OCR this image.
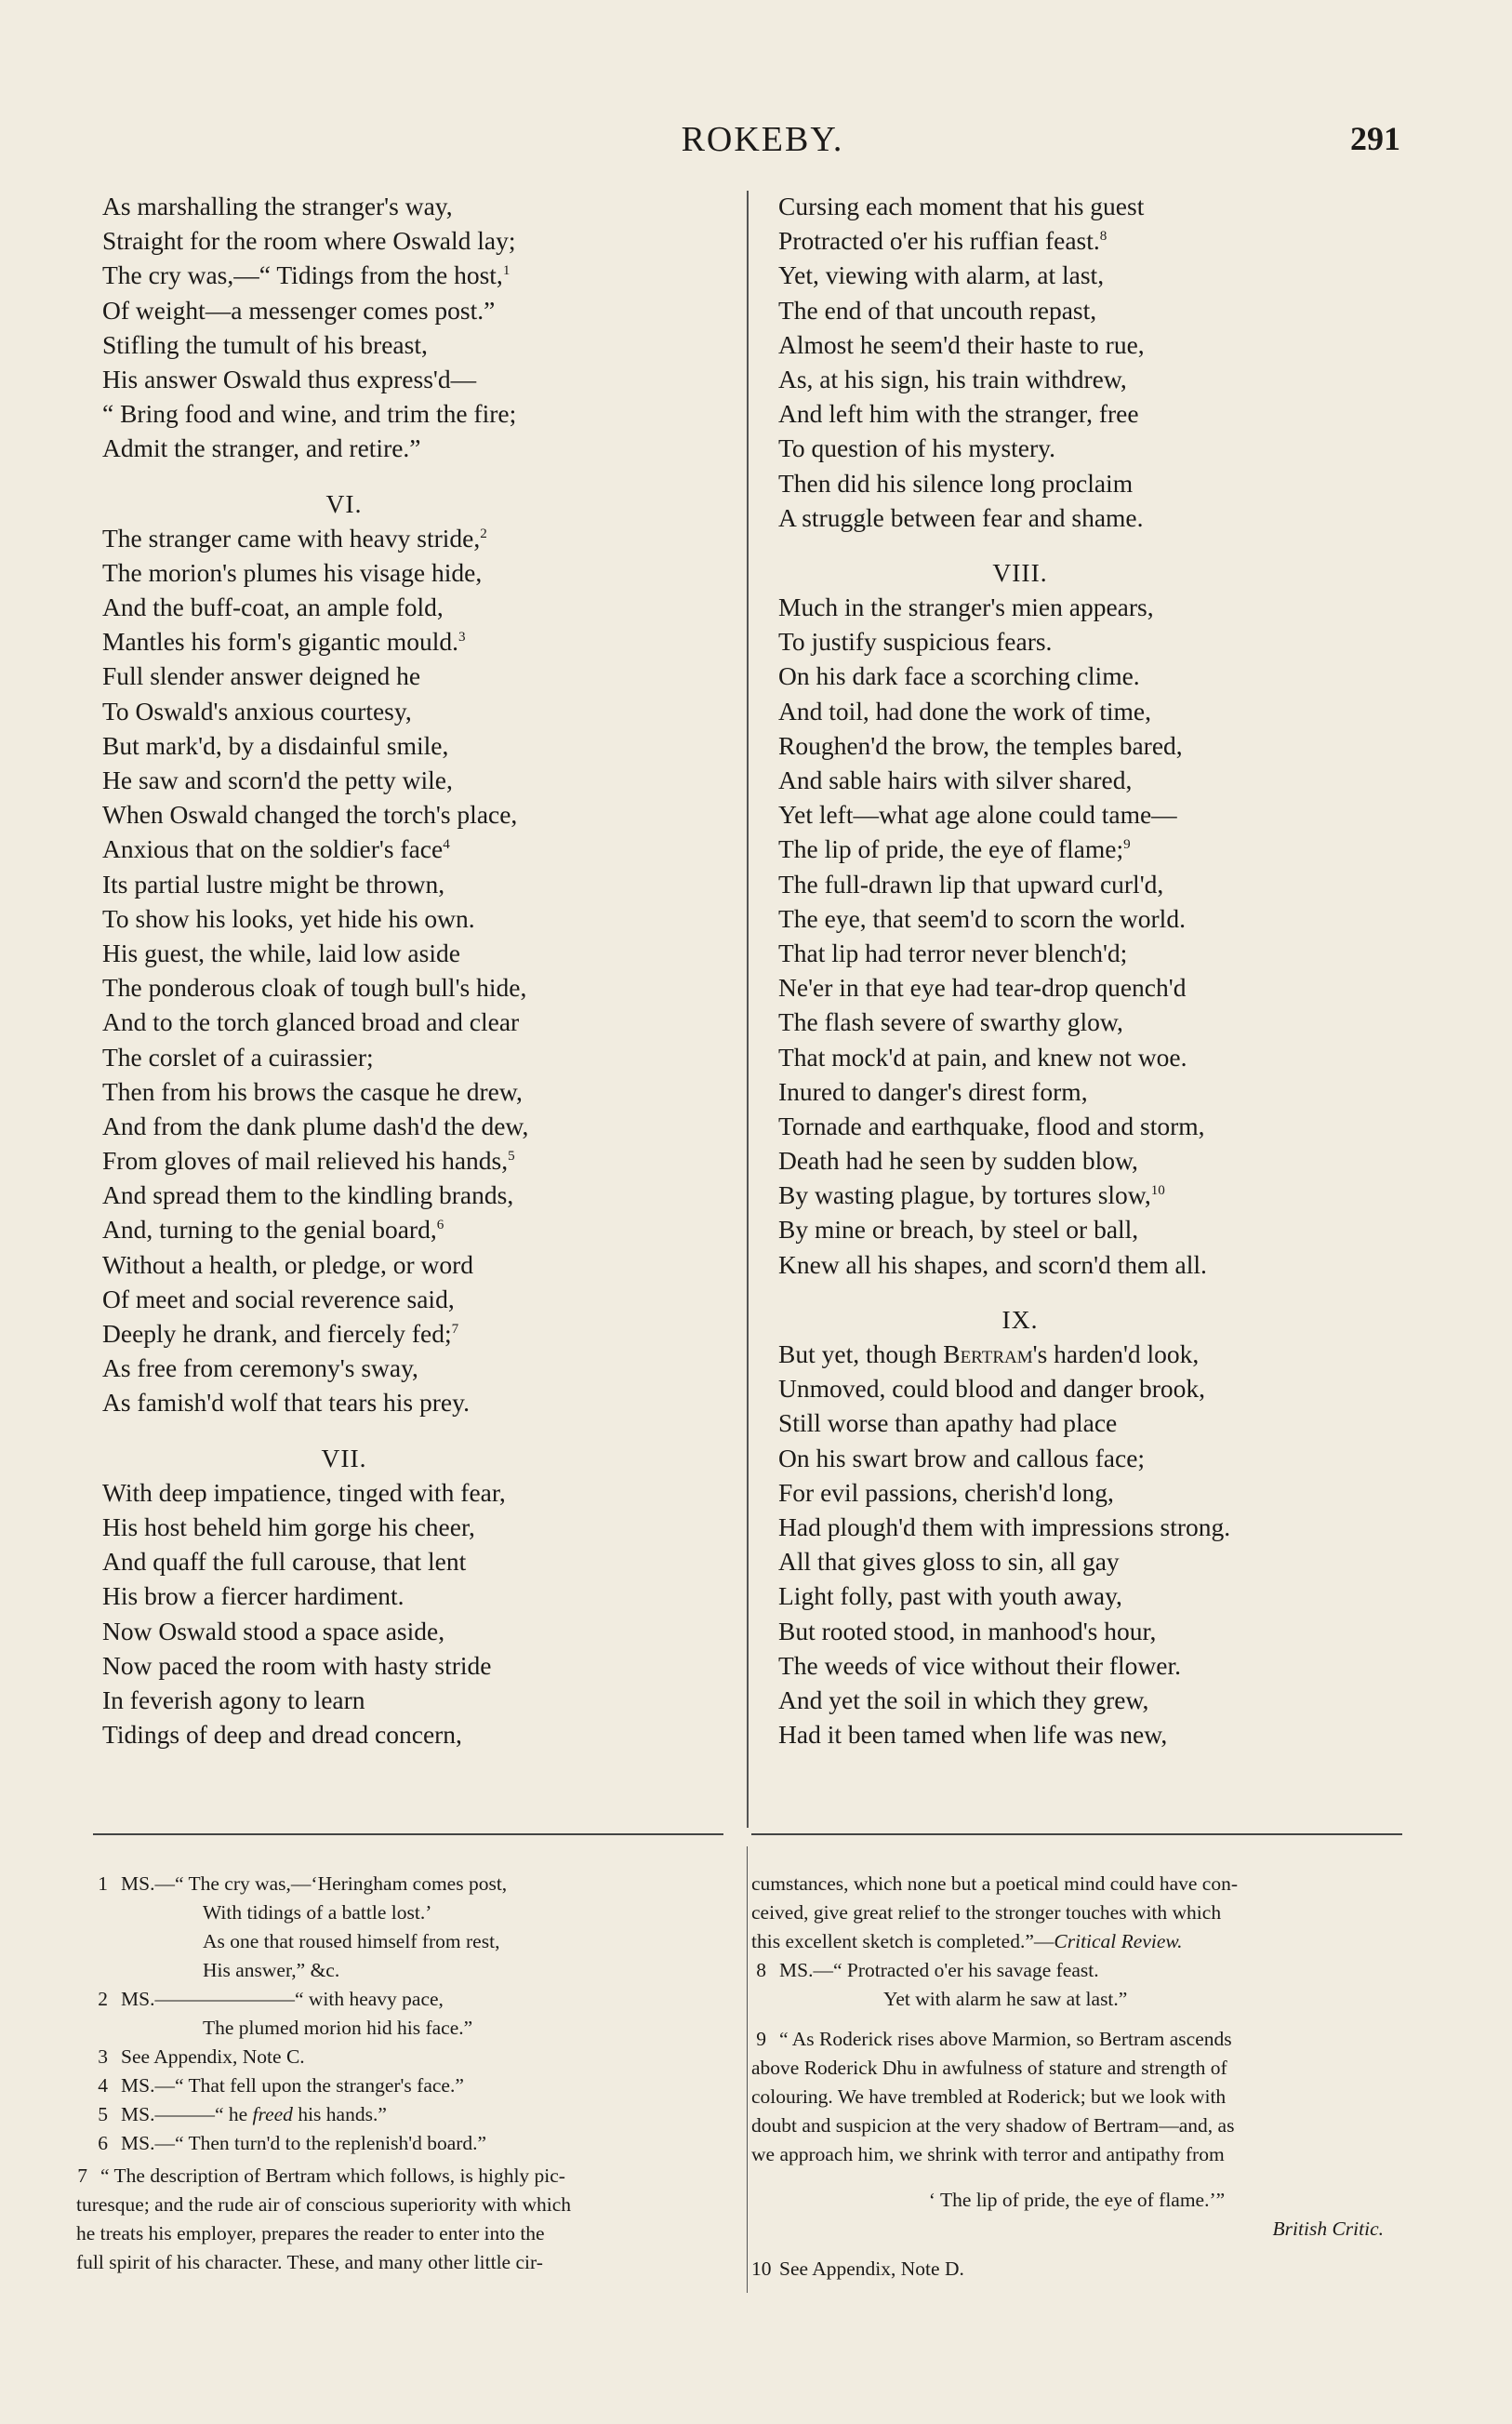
ROKEBY.	291
As marshalling the stranger's way,
Straight for the room where Oswald lay;
The cry was,—“ Tidings from the host,$^1$
Of weight—a messenger comes post.”
Stifling the tumult of his breast,
His answer Oswald thus express'd—
“ Bring food and wine, and trim the fire;
Admit the stranger, and retire.”
VI.
The stranger came with heavy stride,$^2$
The morion's plumes his visage hide,
And the buff-coat, an ample fold,
Mantles his form's gigantic mould.$^3$
Full slender answer deigned he
To Oswald's anxious courtesy,
But mark'd, by a disdainful smile,
He saw and scorn'd the petty wile,
When Oswald changed the torch's place,
Anxious that on the soldier's face$^4$
Its partial lustre might be thrown,
To show his looks, yet hide his own.
His guest, the while, laid low aside
The ponderous cloak of tough bull's hide,
And to the torch glanced broad and clear
The corslet of a cuirassier;
Then from his brows the casque he drew,
And from the dank plume dash'd the dew,
From gloves of mail relieved his hands,$^5$
And spread them to the kindling brands,
And, turning to the genial board,$^6$
Without a health, or pledge, or word
Of meet and social reverence said,
Deeply he drank, and fiercely fed;$^7$
As free from ceremony's sway,
As famish'd wolf that tears his prey.
VII.
With deep impatience, tinged with fear,
His host beheld him gorge his cheer,
And quaff the full carouse, that lent
His brow a fiercer hardiment.
Now Oswald stood a space aside,
Now paced the room with hasty stride
In feverish agony to learn
Tidings of deep and dread concern,
Cursing each moment that his guest
Protracted o'er his ruffian feast.$^8$
Yet, viewing with alarm, at last,
The end of that uncouth repast,
Almost he seem'd their haste to rue,
As, at his sign, his train withdrew,
And left him with the stranger, free
To question of his mystery.
Then did his silence long proclaim
A struggle between fear and shame.
VIII.
Much in the stranger's mien appears,
To justify suspicious fears.
On his dark face a scorching clime.
And toil, had done the work of time,
Roughen'd the brow, the temples bared,
And sable hairs with silver shared,
Yet left—what age alone could tame—
The lip of pride, the eye of flame;$^9$
The full-drawn lip that upward curl'd,
The eye, that seem'd to scorn the world.
That lip had terror never blench'd;
Ne'er in that eye had tear-drop quench'd
The flash severe of swarthy glow,
That mock'd at pain, and knew not woe.
Inured to danger's direst form,
Tornade and earthquake, flood and storm,
Death had he seen by sudden blow,
By wasting plague, by tortures slow,$^{10}$
By mine or breach, by steel or ball,
Knew all his shapes, and scorn'd them all.
IX.
But yet, though Bertram's harden'd look,
Unmoved, could blood and danger brook,
Still worse than apathy had place
On his swart brow and callous face;
For evil passions, cherish'd long,
Had plough'd them with impressions strong.
All that gives gloss to sin, all gay
Light folly, past with youth away,
But rooted stood, in manhood's hour,
The weeds of vice without their flower.
And yet the soil in which they grew,
Had it been tamed when life was new,
1 MS.—“ The cry was,—‘Heringham comes post,
With tidings of a battle lost.’
As one that roused himself from rest,
His answer,” &c.
2 MS.———————“ with heavy pace,
The plumed morion hid his face.”
3 See Appendix, Note C.
4 MS.—“ That fell upon the stranger's face.”
5 MS.———“ he freed his hands.”
6 MS.—“ Then turn'd to the replenish'd board.”
7 “ The description of Bertram which follows, is highly pic-
turesque; and the rude air of conscious superiority with which
he treats his employer, prepares the reader to enter into the
full spirit of his character. These, and many other little cir-
cumstances, which none but a poetical mind could have con-
ceived, give great relief to the stronger touches with which
this excellent sketch is completed.”—Critical Review.
8 MS.—“ Protracted o'er his savage feast.
Yet with alarm he saw at last.”
9 “ As Roderick rises above Marmion, so Bertram ascends
above Roderick Dhu in awfulness of stature and strength of
colouring. We have trembled at Roderick; but we look with
doubt and suspicion at the very shadow of Bertram—and, as
we approach him, we shrink with terror and antipathy from
‘ The lip of pride, the eye of flame.’”
British Critic.
10 See Appendix, Note D.
